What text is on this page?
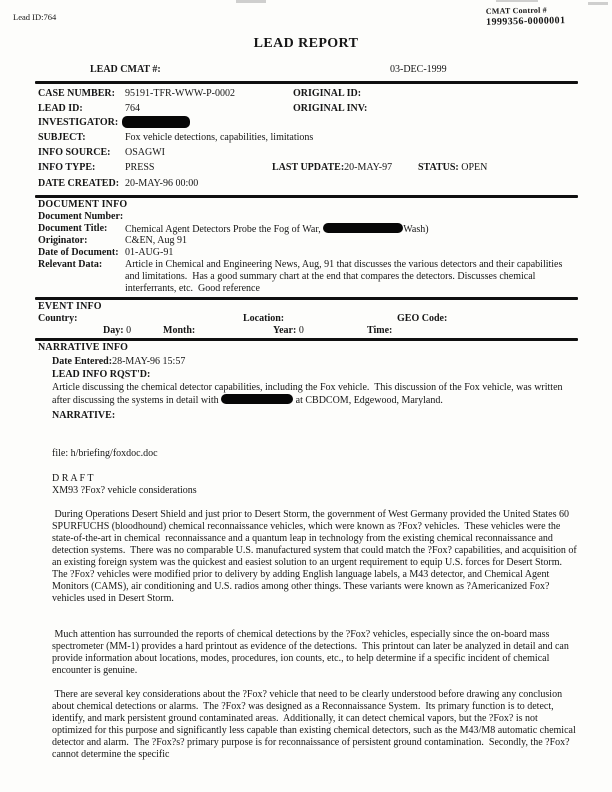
Lead ID:764
CMAT Control #
1999356-0000001
LEAD REPORT
LEAD CMAT #:	03-DEC-1999
CASE NUMBER: 95191-TFR-WWW-P-0002	ORIGINAL ID:
LEAD ID:	764	ORIGINAL INV:
INVESTIGATOR:
SUBJECT:	Fox vehicle detections, capabilities, limitations
INFO SOURCE: OSAGWI
INFO TYPE:	PRESS	LAST UPDATE:20-MAY-97	STATUS: OPEN
DATE CREATED: 20-MAY-96 00:00
DOCUMENT INFO
Document Number:
Document Title: Chemical Agent Detectors Probe the Fog of War,	Wash)
Originator:	C&EN, Aug 91
Date of Document: 01-AUG-91
Relevant Data: Article in Chemical and Engineering News, Aug, 91 that discusses the various detectors and their capabilities and limitations.  Has a good summary chart at the end that compares the detectors. Discusses chemical interferrants, etc.  Good reference
EVENT INFO
Country:	Location:	GEO Code:
Day: 0	Month:	Year: 0	Time:
NARRATIVE INFO
Date Entered:28-MAY-96 15:57
LEAD INFO RQST'D:
Article discussing the chemical detector capabilities, including the Fox vehicle.  This discussion of the Fox vehicle, was written after discussing the systems in detail with	at CBDCOM, Edgewood, Maryland.
NARRATIVE:
file: h/briefing/foxdoc.doc
D R A F T
XM93 ?Fox? vehicle considerations
During Operations Desert Shield and just prior to Desert Storm, the government of West Germany provided the United States 60 SPURFUCHS (bloodhound) chemical reconnaissance vehicles, which were known as ?Fox? vehicles.  These vehicles were the state-of-the-art in chemical  reconnaissance and a quantum leap in technology from the existing chemical reconnaissance and detection systems.  There was no comparable U.S. manufactured system that could match the ?Fox? capabilities, and acquisition of an existing foreign system was the quickest and easiest solution to an urgent requirement to equip U.S. forces for Desert Storm.  The ?Fox? vehicles were modified prior to delivery by adding English language labels, a M43 detector, and Chemical Agent Monitors (CAMS), air conditioning and U.S. radios among other things. These variants were known as ?Americanized Fox? vehicles used in Desert Storm.
Much attention has surrounded the reports of chemical detections by the ?Fox? vehicles, especially since the on-board mass spectrometer (MM-1) provides a hard printout as evidence of the detections.  This printout can later be analyzed in detail and can provide information about locations, modes, procedures, ion counts, etc., to help determine if a specific incident of chemical encounter is genuine.
There are several key considerations about the ?Fox? vehicle that need to be clearly understood before drawing any conclusion about chemical detections or alarms.  The ?Fox? was designed as a Reconnaissance System.  Its primary function is to detect, identify, and mark persistent ground contaminated areas.  Additionally, it can detect chemical vapors, but the ?Fox? is not optimized for this purpose and significantly less capable than existing chemical detectors, such as the M43/M8 automatic chemical detector and alarm.  The ?Fox?s? primary purpose is for reconnaissance of persistent ground contamination.  Secondly, the ?Fox? cannot determine the specific
